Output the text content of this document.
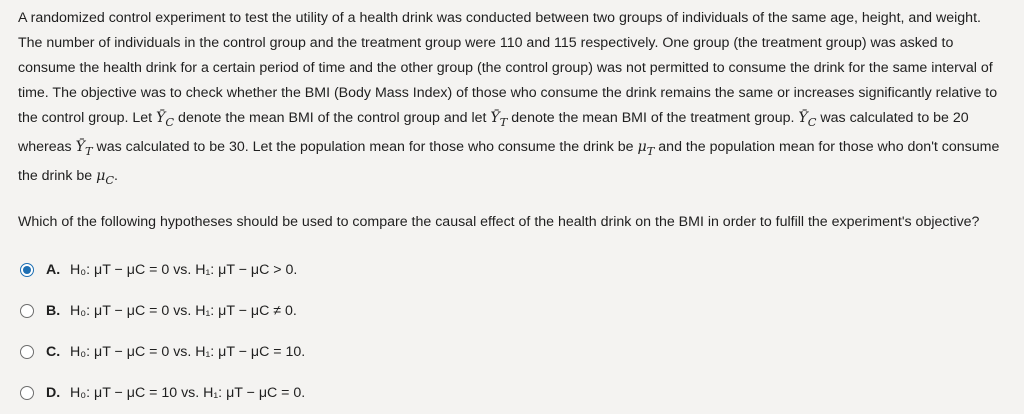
A randomized control experiment to test the utility of a health drink was conducted between two groups of individuals of the same age, height, and weight. The number of individuals in the control group and the treatment group were 110 and 115 respectively. One group (the treatment group) was asked to consume the health drink for a certain period of time and the other group (the control group) was not permitted to consume the drink for the same interval of time. The objective was to check whether the BMI (Body Mass Index) of those who consume the drink remains the same or increases significantly relative to the control group. Let $Ȳ_C$ denote the mean BMI of the control group and let $Ȳ_T$ denote the mean BMI of the treatment group. $Ȳ_C$ was calculated to be 20 whereas $Ȳ_T$ was calculated to be 30. Let the population mean for those who consume the drink be $\mu_T$ and the population mean for those who don't consume the drink be $\mu_C$.

Which of the following hypotheses should be used to compare the causal effect of the health drink on the BMI in order to fulfill the experiment's objective?

A. H₀: μT − μC = 0 vs. H₁: μT − μC > 0.
B. H₀: μT − μC = 0 vs. H₁: μT − μC ≠ 0.
C. H₀: μT − μC = 0 vs. H₁: μT − μC = 10.
D. H₀: μT − μC = 10 vs. H₁: μT − μC = 0.
